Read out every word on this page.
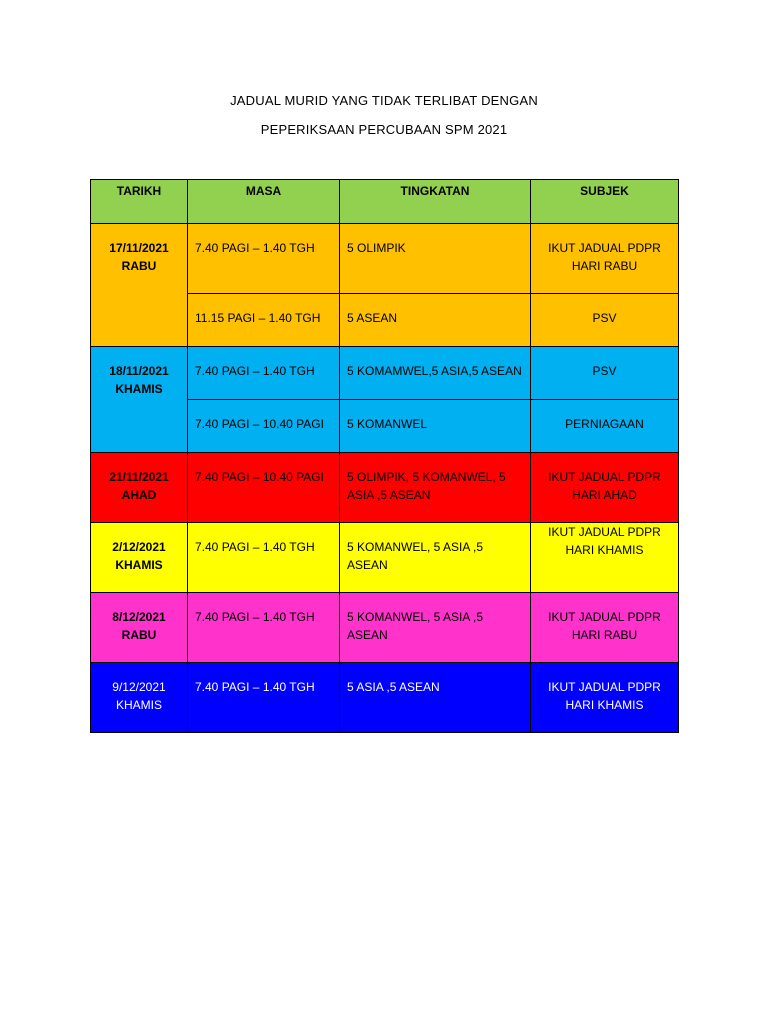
JADUAL MURID YANG TIDAK TERLIBAT DENGAN
PEPERIKSAAN PERCUBAAN SPM 2021
TARIKH	MASA	TINGKATAN	SUBJEK

17/11/2021
RABU	7.40 PAGI – 1.40 TGH	5 OLIMPIK	IKUT JADUAL PDPR
HARI RABU

	11.15 PAGI – 1.40 TGH	5 ASEAN	PSV

18/11/2021
KHAMIS	7.40 PAGI – 1.40 TGH	5 KOMAMWEL,5 ASIA,5 ASEAN	PSV

	7.40 PAGI – 10.40 PAGI	5 KOMANWEL	PERNIAGAAN

21/11/2021
AHAD	7.40 PAGI – 10.40 PAGI	5 OLIMPIK, 5 KOMANWEL, 5 ASIA ,5 ASEAN	IKUT JADUAL PDPR
HARI AHAD

2/12/2021
KHAMIS	7.40 PAGI – 1.40 TGH	5 KOMANWEL, 5 ASIA ,5 ASEAN	IKUT JADUAL PDPR
HARI KHAMIS

8/12/2021
RABU	7.40 PAGI – 1.40 TGH	5 KOMANWEL, 5 ASIA ,5 ASEAN	IKUT JADUAL PDPR
HARI RABU

9/12/2021
KHAMIS	7.40 PAGI – 1.40 TGH	5 ASIA ,5 ASEAN	IKUT JADUAL PDPR
HARI KHAMIS
